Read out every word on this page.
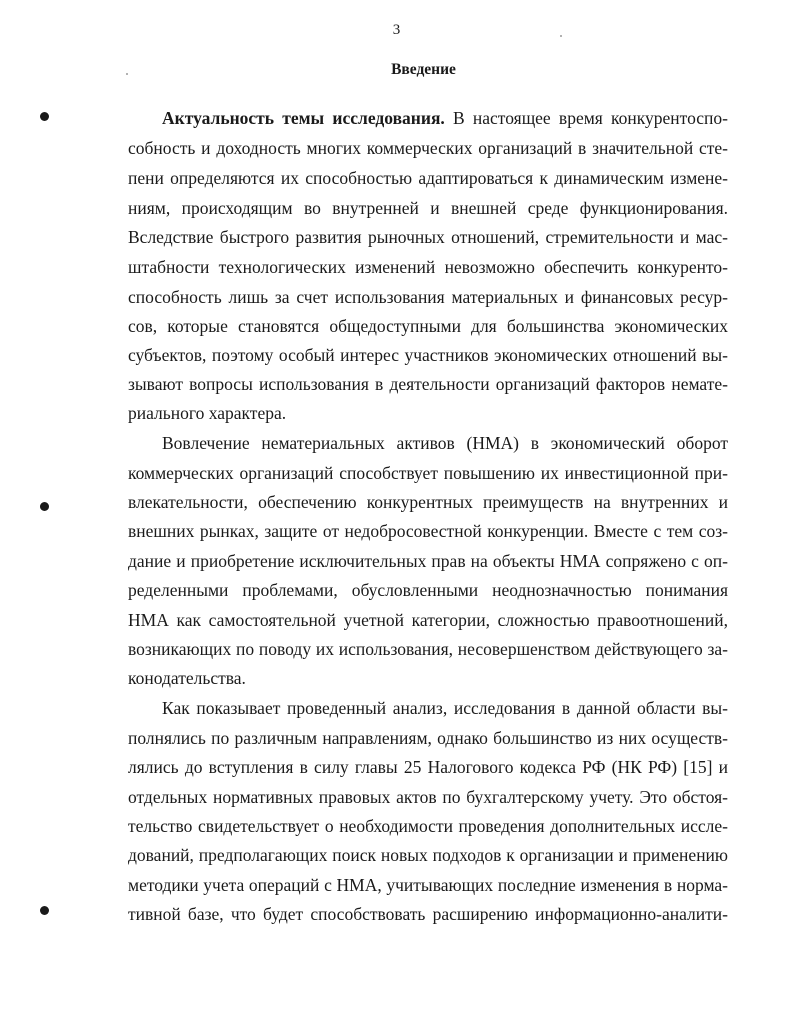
3
Введение
Актуальность темы исследования. В настоящее время конкурентоспо-
собность и доходность многих коммерческих организаций в значительной сте-
пени определяются их способностью адаптироваться к динамическим измене-
ниям, происходящим во внутренней и внешней среде функционирования.
Вследствие быстрого развития рыночных отношений, стремительности и мас-
штабности технологических изменений невозможно обеспечить конкуренто-
способность лишь за счет использования материальных и финансовых ресур-
сов, которые становятся общедоступными для большинства экономических
субъектов, поэтому особый интерес участников экономических отношений вы-
зывают вопросы использования в деятельности организаций факторов немате-
риального характера.
Вовлечение нематериальных активов (НМА) в экономический оборот
коммерческих организаций способствует повышению их инвестиционной при-
влекательности, обеспечению конкурентных преимуществ на внутренних и
внешних рынках, защите от недобросовестной конкуренции. Вместе с тем соз-
дание и приобретение исключительных прав на объекты НМА сопряжено с оп-
ределенными проблемами, обусловленными неоднозначностью понимания
НМА как самостоятельной учетной категории, сложностью правоотношений,
возникающих по поводу их использования, несовершенством действующего за-
конодательства.
Как показывает проведенный анализ, исследования в данной области вы-
полнялись по различным направлениям, однако большинство из них осуществ-
лялись до вступления в силу главы 25 Налогового кодекса РФ (НК РФ) [15] и
отдельных нормативных правовых актов по бухгалтерскому учету. Это обстоя-
тельство свидетельствует о необходимости проведения дополнительных иссле-
дований, предполагающих поиск новых подходов к организации и применению
методики учета операций с НМА, учитывающих последние изменения в норма-
тивной базе, что будет способствовать расширению информационно-аналити-
